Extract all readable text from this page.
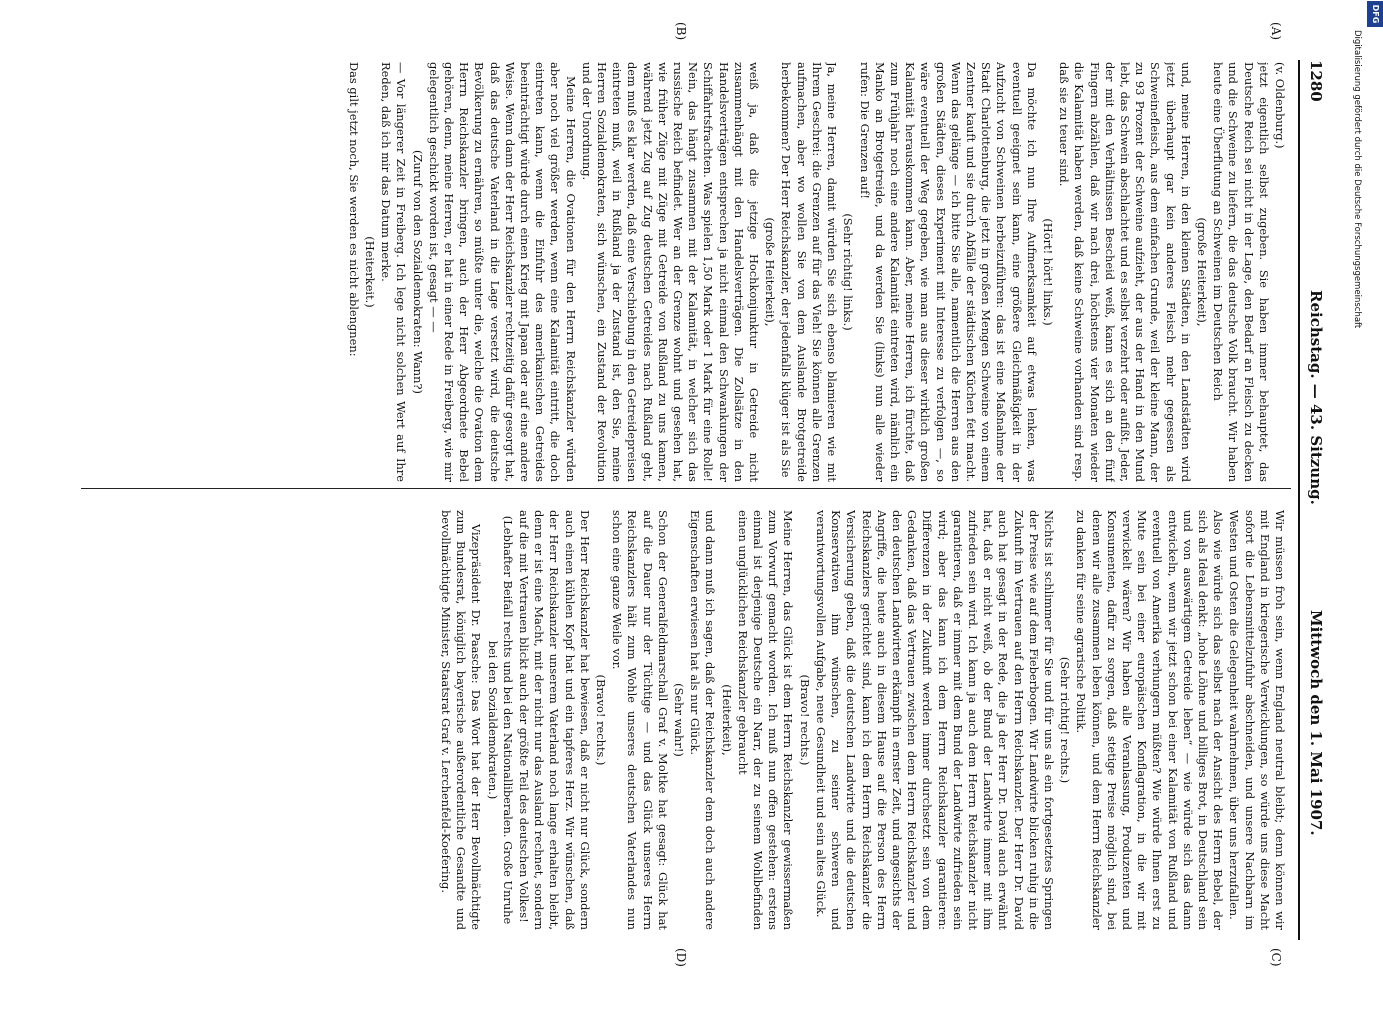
1280
Reichstag. — 43. Sitzung.
Mittwoch den 1. Mai 1907.
(A)
(B)
(C)
(D)

(v. Oldenburg.)

jetzt eigentlich selbst zugeben. Sie haben immer behauptet, das Deutsche Reich sei nicht in der Lage, den Bedarf an Fleisch zu decken und die Schweine zu liefern, die das deutsche Volk braucht. Wir haben heute eine Überflutung an Schweinen im Deutschen Reich

(große Heiterkeit),

und, meine Herren, in den kleinen Städten, in den Landstädten wird jetzt überhaupt gar kein anderes Fleisch mehr gegessen als Schweinefleisch, aus dem einfachen Grunde, weil der kleine Mann, der zu 93 Prozent der Schweine aufzieht, der aus der Hand in den Mund lebt, das Schwein abschlachtet und es selbst verzehrt oder aufißt. Jeder, der mit den Verhältnissen Bescheid weiß, kann es sich an den fünf Fingern abzählen, daß wir nach drei, höchstens vier Monaten wieder die Kalamität haben werden, daß keine Schweine vorhanden sind resp. daß sie zu teuer sind.

(Hört! hört! links.)

Da möchte ich nun Ihre Aufmerksamkeit auf etwas lenken, was eventuell geeignet sein kann, eine größere Gleichmäßigkeit in der Aufzucht von Schweinen herbeizuführen: das ist eine Maßnahme der Stadt Charlottenburg, die jetzt in großen Mengen Schweine von einem Zentner kauft und sie durch Abfälle der städtischen Küchen fett macht. Wenn das gelänge — ich bitte Sie alle, namentlich die Herren aus den großen Städten, dieses Experiment mit Interesse zu verfolgen —, so wäre eventuell der Weg gegeben, wie man aus dieser wirklich großen Kalamität herauskommen kann. Aber, meine Herren, ich fürchte, daß zum Frühjahr noch eine andere Kalamität eintreten wird, nämlich ein Manko an Brotgetreide, und da werden Sie (links) nun alle wieder rufen: Die Grenzen auf!

(Sehr richtig! links.)

Ja, meine Herren, damit würden Sie sich ebenso blamieren wie mit Ihrem Geschrei: die Grenzen auf für das Vieh! Sie können alle Grenzen aufmachen, aber wo wollen Sie von dem Auslande Brotgetreide herbekommen? Der Herr Reichskanzler, der jedenfalls klüger ist als Sie

(große Heiterkeit),

weiß ja, daß die jetzige Hochkonjunktur in Getreide nicht zusammenhängt mit den Handelsverträgen. Die Zollsätze in den Handelsverträgen entsprechen ja nicht einmal den Schwankungen der Schiffahrtsfrachten. Was spielen 1,50 Mark oder 1 Mark für eine Rolle! Nein, das hängt zusammen mit der Kalamität, in welcher sich das russische Reich befindet. Wer an der Grenze wohnt und gesehen hat, wie früher Züge mit Züge mit Getreide von Rußland zu uns kamen, während jetzt Zug auf Zug deutschen Getreides nach Rußland geht, dem muß es klar werden, daß eine Verschiebung in den Getreidepreisen eintreten muß, weil in Rußland ja der Zustand ist, den Sie, meine Herren Sozialdemokraten, sich wünschen, ein Zustand der Revolution und der Unordnung.

Meine Herren, die Ovationen für den Herrn Reichskanzler würden aber noch viel größer werden, wenn eine Kalamität eintritt, die doch eintreten kann, wenn die Einfuhr des amerikanischen Getreides beeinträchtigt würde durch einen Krieg mit Japan oder auf eine andere Weise. Wenn dann der Herr Reichskanzler rechtzeitig dafür gesorgt hat, daß das deutsche Vaterland in die Lage versetzt wird, die deutsche Bevölkerung zu ernähren, so müßte unter die, welche die Ovation dem Herrn Reichskanzler bringen, auch der Herr Abgeordnete Bebel gehören, denn, meine Herren, er hat in einer Rede in Freiberg, wie mir gelegentlich geschickt worden ist, gesagt — —

(Zuruf von den Sozialdemokraten: Wann?)

— Vor längerer Zeit in Freiberg. Ich lege nicht solchen Wert auf Ihre Reden, daß ich mir das Datum merke.

(Heiterkeit.)

Das gilt jetzt noch, Sie werden es nicht ablengnen:

Wir müssen froh sein, wenn England neutral bleibt; denn können wir mit England in kriegerische Verwicklungen, so würde uns diese Macht sofort die Lebensmittelzufuhr abschneiden, und unsere Nachbarn im Westen und Osten die Gelegenheit wahrnehmen, über uns herzufallen.

Also wie würde sich das selbst nach der Ansicht des Herrn Bebel, der sich als Ideal denkt: „hohe Löhne und billiges Brot, in Deutschland sein und von auswärtigem Getreide leben“ — wie würde sich das dann entwickeln, wenn wir jetzt schon bei einer Kalamität von Rußland und eventuell von Amerika verhungern müßten? Wie würde Ihnen erst zu Mute sein bei einer europäischen Konflagration, in die wir mit verwickelt wären? Wir haben alle Veranlassung, Produzenten und Konsumenten, dafür zu sorgen, daß stetige Preise möglich sind, bei denen wir alle zusammen leben können, und dem Herrn Reichskanzler zu danken für seine agrarische Politik.

(Sehr richtig! rechts.)

Nichts ist schlimmer für Sie und für uns als ein fortgesetztes Springen der Preise wie auf dem Fieberbogen. Wir Landwirte blicken ruhig in die Zukunft im Vertrauen auf den Herrn Reichskanzler. Der Herr Dr. David auch hat gesagt in der Rede, die ja der Herr Dr. David auch erwähnt hat, daß er nicht weiß, ob der Bund der Landwirte immer mit ihm zufrieden sein wird. Ich kann ja auch dem Herrn Reichskanzler nicht garantieren, daß er immer mit dem Bund der Landwirte zufrieden sein wird; aber das kann ich dem Herrn Reichskanzler garantieren: Differenzen in der Zukunft werden immer durchsetzt sein von dem Gedanken, daß das Vertrauen zwischen dem Herrn Reichskanzler und den deutschen Landwirten erkämpft in ernster Zeit, und angesichts der Angriffe, die heute auch in diesem Hause auf die Person des Herrn Reichskanzlers gerichtet sind, kann ich dem Herrn Reichskanzler die Versicherung geben, daß die deutschen Landwirte und die deutschen Konservativen ihm wünschen, zu seiner schweren und verantwortungsvollen Aufgabe, neue Gesundheit und sein altes Glück.

(Bravo! rechts.)

Meine Herren, das Glück ist dem Herrn Reichskanzler gewissermaßen zum Vorwurf gemacht worden. Ich muß nun offen gestehen: erstens einmal ist derjenige Deutsche ein Narr, der zu seinem Wohlbefinden einen unglücklichen Reichskanzler gebraucht

(Heiterkeit),

und dann muß ich sagen, daß der Reichskanzler dem doch auch andere Eigenschaften erwiesen hat als nur Glück.

(Sehr wahr!)

Schon der Generalfeldmarschall Graf v. Moltke hat gesagt: Glück hat auf die Dauer nur der Tüchtige — und das Glück unseres Herrn Reichskanzlers hält zum Wohle unseres deutschen Vaterlandes nun schon eine ganze Weile vor.

(Bravo! rechts.)

Der Herr Reichskanzler hat bewiesen, daß er nicht nur Glück, sondern auch einen kühlen Kopf hat und ein tapferes Herz. Wir wünschen, daß der Herr Reichskanzler unserem Vaterland noch lange erhalten bleibt, denn er ist eine Macht, mit der nicht nur das Ausland rechnet, sondern auf die mit Vertrauen blickt auch der größte Teil des deutschen Volkes!

(Lebhafter Beifall rechts und bei den Nationalliberalen. Große Unruhe bei den Sozialdemokraten.)

Vizepräsident Dr. Paasche: Das Wort hat der Herr Bevollmächtigte zum Bundesrat, königlich bayerische außerordentliche Gesandte und bevollmächtigte Minister, Staatsrat Graf v. Lerchenfeld-Koefering.

DFG
Digitalisierung gefördert durch die Deutsche Forschungsgemeinschaft
